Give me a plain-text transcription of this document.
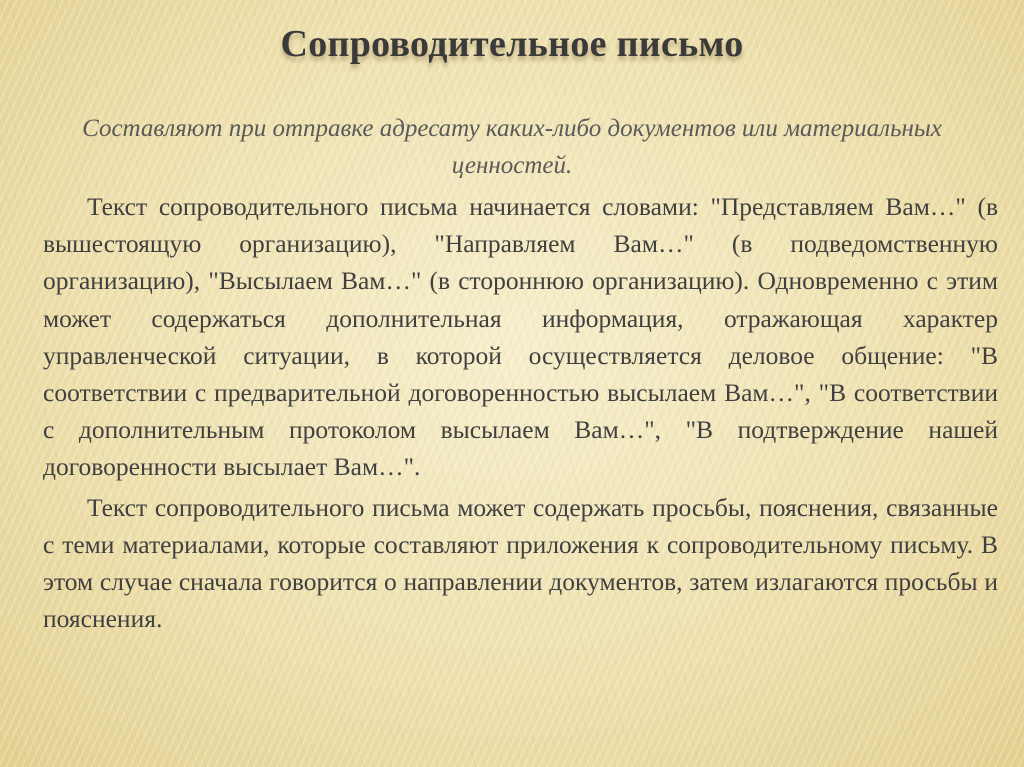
Сопроводительное письмо
Составляют при отправке адресату каких-либо документов или материальных ценностей.

Текст сопроводительного письма начинается словами: "Представляем Вам…" (в вышестоящую организацию), "Направляем Вам…" (в подведомственную организацию), "Высылаем Вам…" (в стороннюю организацию). Одновременно с этим может содержаться дополнительная информация, отражающая характер управленческой ситуации, в которой осуществляется деловое общение: "В соответствии с предварительной договоренностью высылаем Вам…", "В соответствии с дополнительным протоколом высылаем Вам…", "В подтверждение нашей договоренности высылает Вам…".

Текст сопроводительного письма может содержать просьбы, пояснения, связанные с теми материалами, которые составляют приложения к сопроводительному письму. В этом случае сначала говорится о направлении документов, затем излагаются просьбы и пояснения.
